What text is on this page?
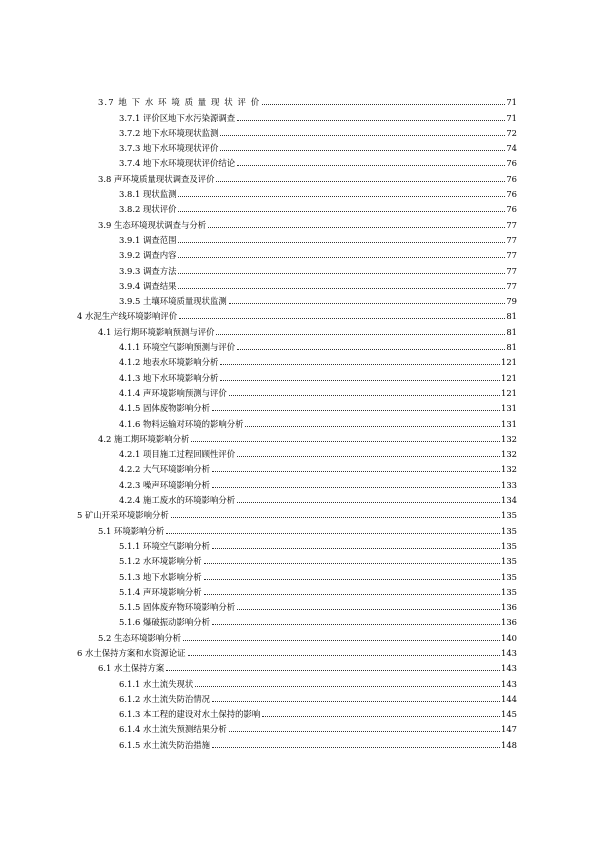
3.7 地 下 水 环 境 质 量 现 状 评 价	71
3.7.1 评价区地下水污染源调查	71
3.7.2 地下水环境现状监测	72
3.7.3 地下水环境现状评价	74
3.7.4 地下水环境现状评价结论	76
3.8 声环境质量现状调查及评价	76
3.8.1 现状监测	76
3.8.2 现状评价	76
3.9 生态环境现状调查与分析	77
3.9.1 调查范围	77
3.9.2 调查内容	77
3.9.3 调查方法	77
3.9.4 调查结果	77
3.9.5 土壤环境质量现状监测	79
4 水泥生产线环境影响评价	81
4.1 运行期环境影响预测与评价	81
4.1.1 环境空气影响预测与评价	81
4.1.2 地表水环境影响分析	121
4.1.3 地下水环境影响分析	121
4.1.4 声环境影响预测与评价	121
4.1.5 固体废物影响分析	131
4.1.6 物料运输对环境的影响分析	131
4.2 施工期环境影响分析	132
4.2.1 项目施工过程回顾性评价	132
4.2.2 大气环境影响分析	132
4.2.3 噪声环境影响分析	133
4.2.4 施工废水的环境影响分析	134
5 矿山开采环境影响分析	135
5.1 环境影响分析	135
5.1.1 环境空气影响分析	135
5.1.2 水环境影响分析	135
5.1.3 地下水影响分析	135
5.1.4 声环境影响分析	135
5.1.5 固体废弃物环境影响分析	136
5.1.6 爆破振动影响分析	136
5.2 生态环境影响分析	140
6 水土保持方案和水资源论证	143
6.1 水土保持方案	143
6.1.1 水土流失现状	143
6.1.2 水土流失防治情况	144
6.1.3 本工程的建设对水土保持的影响	145
6.1.4 水土流失预测结果分析	147
6.1.5 水土流失防治措施	148
